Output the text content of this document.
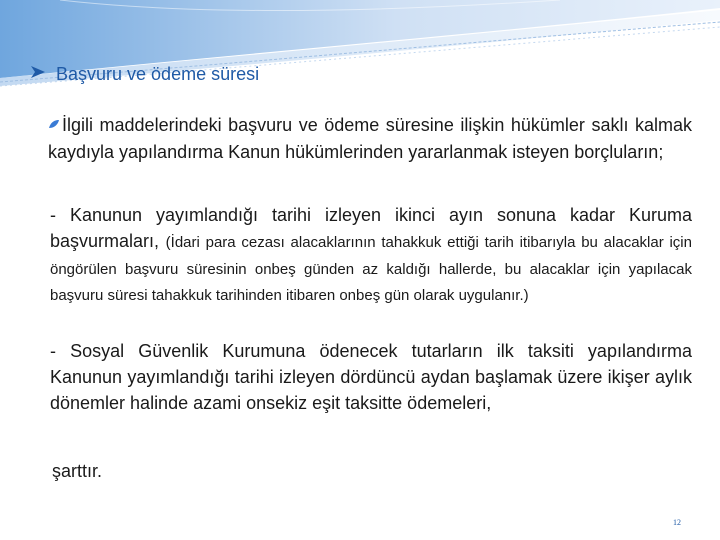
Başvuru ve ödeme süresi
İlgili maddelerindeki başvuru ve ödeme süresine ilişkin hükümler saklı kalmak kaydıyla yapılandırma Kanun hükümlerinden yararlanmak isteyen borçluların;
- Kanunun yayımlandığı tarihi izleyen ikinci ayın sonuna kadar Kuruma başvurmaları, (İdari para cezası alacaklarının tahakkuk ettiği tarih itibarıyla bu alacaklar için öngörülen başvuru süresinin onbeş günden az kaldığı hallerde, bu alacaklar için yapılacak başvuru süresi tahakkuk tarihinden itibaren onbeş gün olarak uygulanır.)
- Sosyal Güvenlik Kurumuna ödenecek tutarların ilk taksiti yapılandırma Kanunun yayımlandığı tarihi izleyen dördüncü aydan başlamak üzere ikişer aylık dönemler halinde azami onsekiz eşit taksitte ödemeleri,
şarttır.
12
